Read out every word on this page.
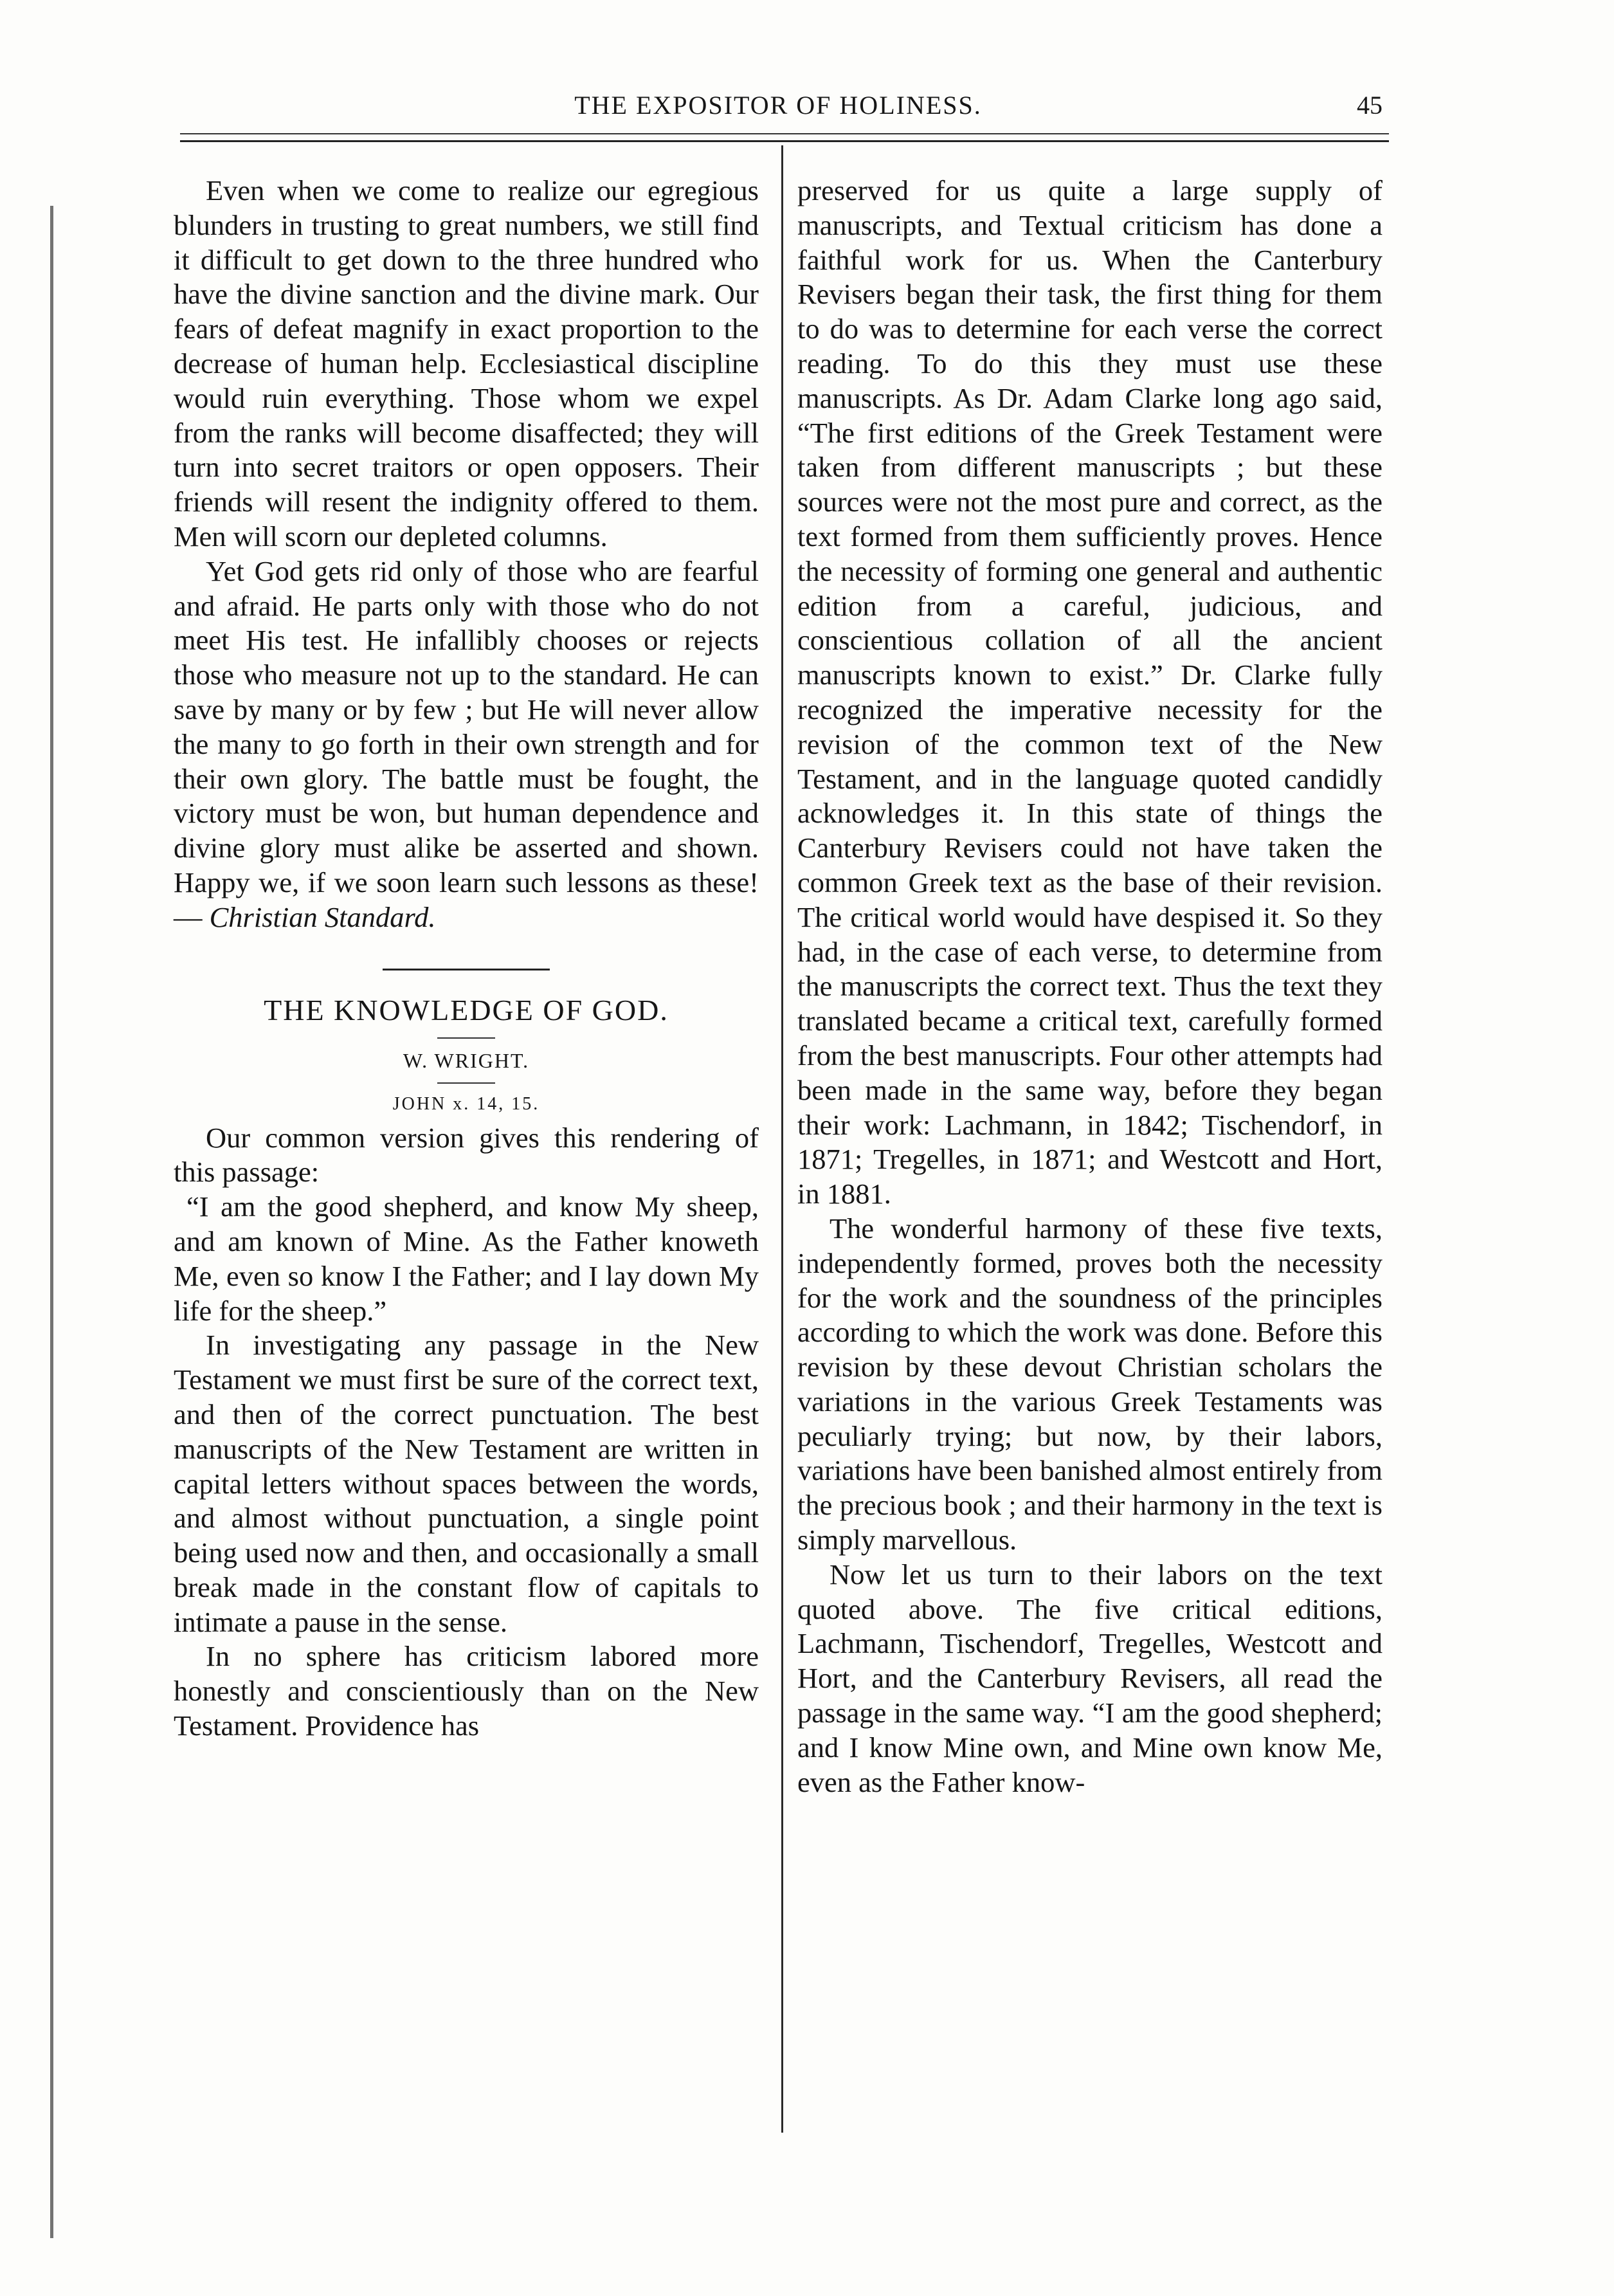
THE EXPOSITOR OF HOLINESS.	45

Even when we come to realize our egregious blunders in trusting to great numbers, we still find it difficult to get down to the three hundred who have the divine sanction and the divine mark. Our fears of defeat magnify in exact proportion to the decrease of human help. Ecclesiastical discipline would ruin everything. Those whom we expel from the ranks will become disaffected; they will turn into secret traitors or open opposers. Their friends will resent the indignity offered to them. Men will scorn our depleted columns.

Yet God gets rid only of those who are fearful and afraid. He parts only with those who do not meet His test. He infallibly chooses or rejects those who measure not up to the standard. He can save by many or by few ; but He will never allow the many to go forth in their own strength and for their own glory. The battle must be fought, the victory must be won, but human dependence and divine glory must alike be asserted and shown. Happy we, if we soon learn such lessons as these!— Christian Standard.

THE KNOWLEDGE OF GOD.
W. WRIGHT.
JOHN x. 14, 15.

Our common version gives this rendering of this passage:

“I am the good shepherd, and know My sheep, and am known of Mine. As the Father knoweth Me, even so know I the Father; and I lay down My life for the sheep.”

In investigating any passage in the New Testament we must first be sure of the correct text, and then of the correct punctuation. The best manuscripts of the New Testament are written in capital letters without spaces between the words, and almost without punctuation, a single point being used now and then, and occasionally a small break made in the constant flow of capitals to intimate a pause in the sense.

In no sphere has criticism labored more honestly and conscientiously than on the New Testament. Providence has

preserved for us quite a large supply of manuscripts, and Textual criticism has done a faithful work for us. When the Canterbury Revisers began their task, the first thing for them to do was to determine for each verse the correct reading. To do this they must use these manuscripts. As Dr. Adam Clarke long ago said, “The first editions of the Greek Testament were taken from different manuscripts ; but these sources were not the most pure and correct, as the text formed from them sufficiently proves. Hence the necessity of forming one general and authentic edition from a careful, judicious, and conscientious collation of all the ancient manuscripts known to exist.” Dr. Clarke fully recognized the imperative necessity for the revision of the common text of the New Testament, and in the language quoted candidly acknowledges it. In this state of things the Canterbury Revisers could not have taken the common Greek text as the base of their revision. The critical world would have despised it. So they had, in the case of each verse, to determine from the manuscripts the correct text. Thus the text they translated became a critical text, carefully formed from the best manuscripts. Four other attempts had been made in the same way, before they began their work: Lachmann, in 1842; Tischendorf, in 1871; Tregelles, in 1871; and Westcott and Hort, in 1881.

The wonderful harmony of these five texts, independently formed, proves both the necessity for the work and the soundness of the principles according to which the work was done. Before this revision by these devout Christian scholars the variations in the various Greek Testaments was peculiarly trying; but now, by their labors, variations have been banished almost entirely from the precious book ; and their harmony in the text is simply marvellous.

Now let us turn to their labors on the text quoted above. The five critical editions, Lachmann, Tischendorf, Tregelles, Westcott and Hort, and the Canterbury Revisers, all read the passage in the same way. “I am the good shepherd; and I know Mine own, and Mine own know Me, even as the Father know-
